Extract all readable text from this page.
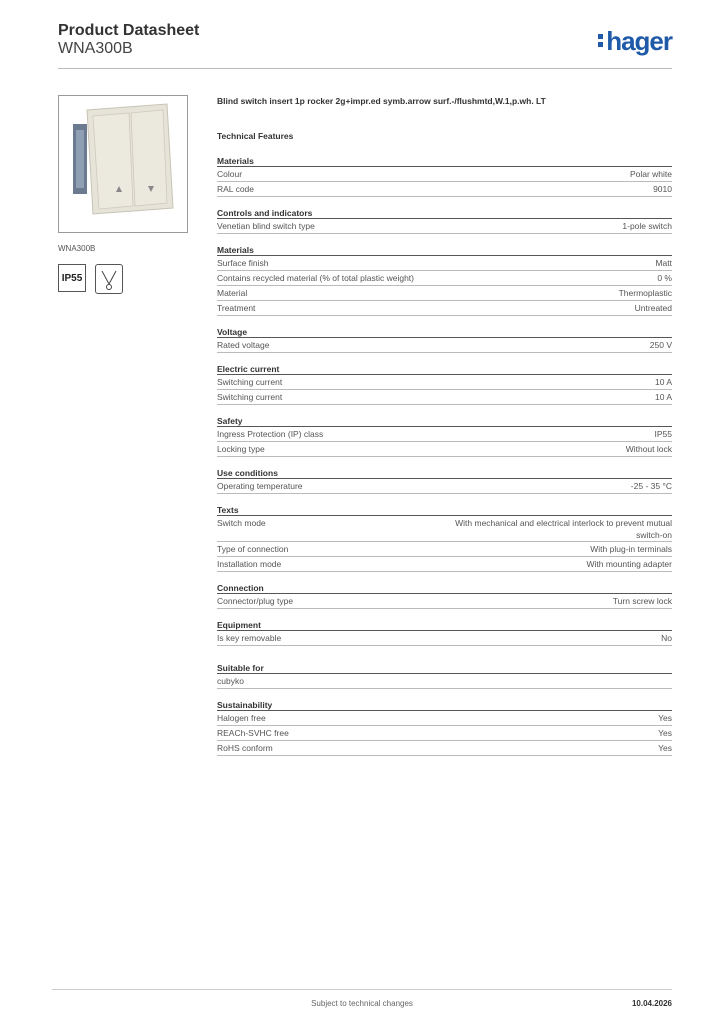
Product Datasheet
WNA300B	hager
WNA300B
IP55
Blind switch insert 1p rocker 2g+impr.ed symb.arrow surf.-/flushmtd,W.1,p.wh. LT
Technical Features
Materials
Colour	Polar white
RAL code	9010
Controls and indicators
Venetian blind switch type	1-pole switch
Materials
Surface finish	Matt
Contains recycled material (% of total plastic weight)	0 %
Material	Thermoplastic
Treatment	Untreated
Voltage
Rated voltage	250 V
Electric current
Switching current	10 A
Switching current	10 A
Safety
Ingress Protection (IP) class	IP55
Locking type	Without lock
Use conditions
Operating temperature	-25 - 35 °C
Texts
Switch mode	With mechanical and electrical interlock to prevent mutual switch-on
Type of connection	With plug-in terminals
Installation mode	With mounting adapter
Connection
Connector/plug type	Turn screw lock
Equipment
Is key removable	No
Suitable for
cubyko
Sustainability
Halogen free	Yes
REACh-SVHC free	Yes
RoHS conform	Yes
Subject to technical changes	10.04.2026
